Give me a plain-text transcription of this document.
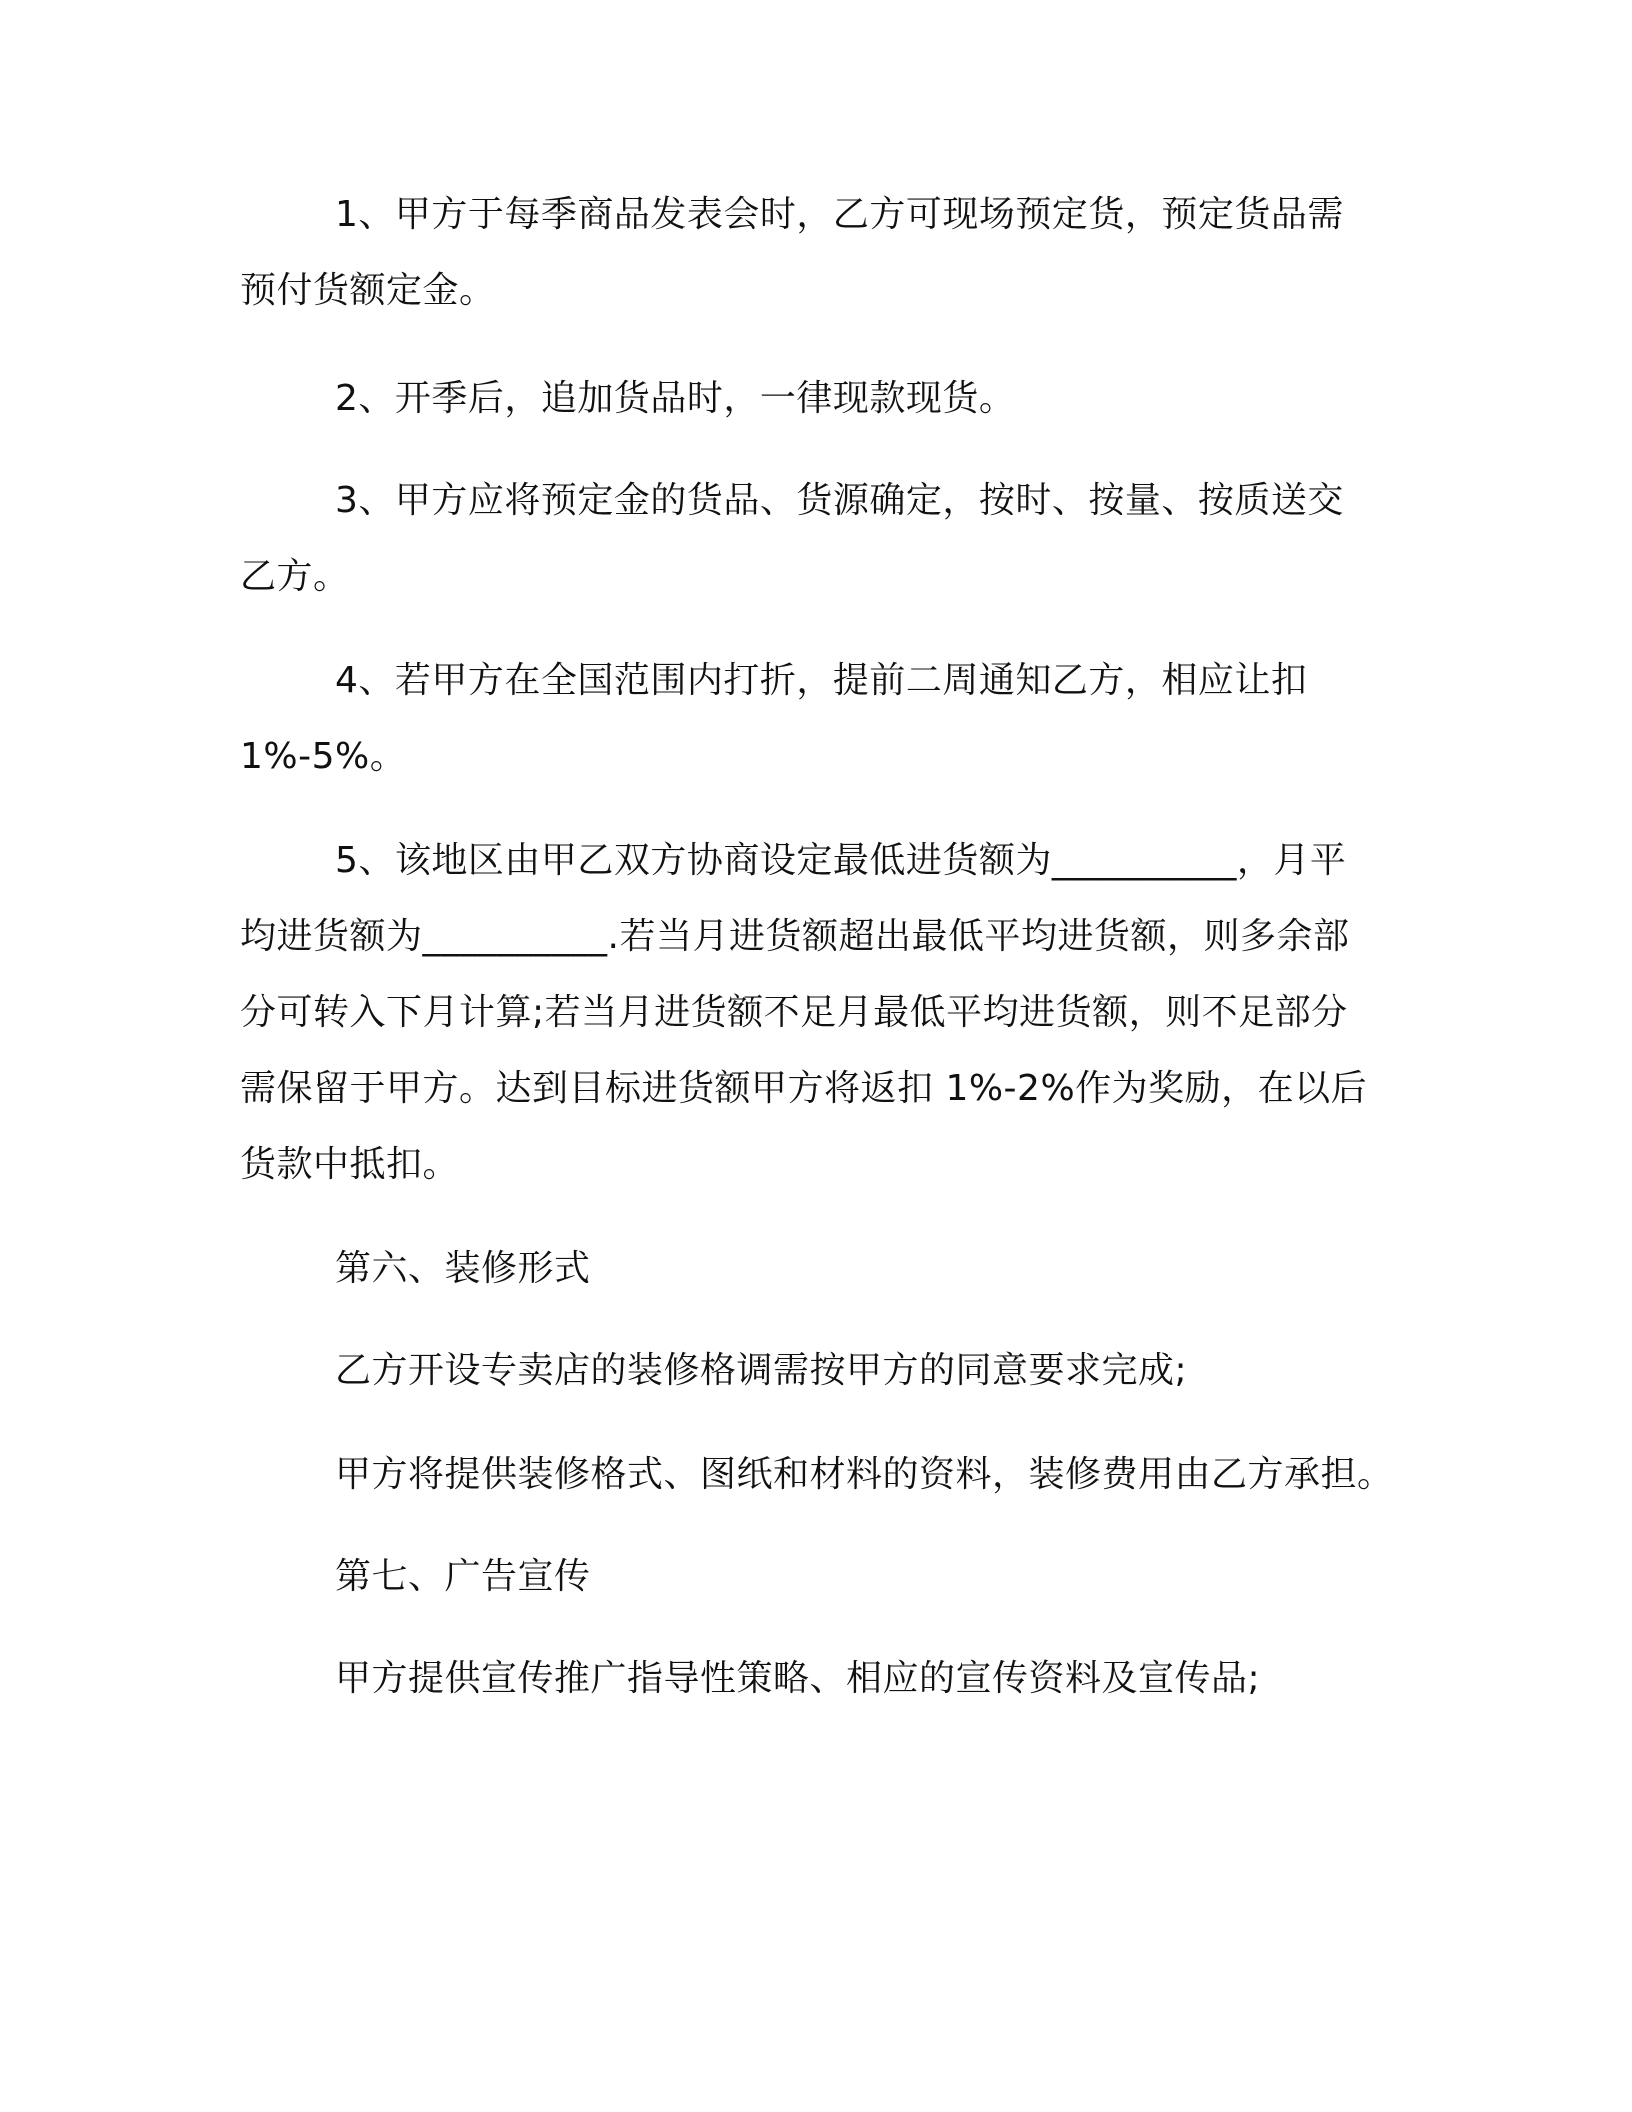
1、甲方于每季商品发表会时，乙方可现场预定货，预定货品需
预付货额定金。
2、开季后，追加货品时，一律现款现货。
3、甲方应将预定金的货品、货源确定，按时、按量、按质送交
乙方。
4、若甲方在全国范围内打折，提前二周通知乙方，相应让扣
1%-5%。
5、该地区由甲乙双方协商设定最低进货额为__________，月平
均进货额为__________.若当月进货额超出最低平均进货额，则多余部
分可转入下月计算;若当月进货额不足月最低平均进货额，则不足部分
需保留于甲方。达到目标进货额甲方将返扣 1%-2%作为奖励，在以后
货款中抵扣。
第六、装修形式
乙方开设专卖店的装修格调需按甲方的同意要求完成;
甲方将提供装修格式、图纸和材料的资料，装修费用由乙方承担。
第七、广告宣传
甲方提供宣传推广指导性策略、相应的宣传资料及宣传品;
